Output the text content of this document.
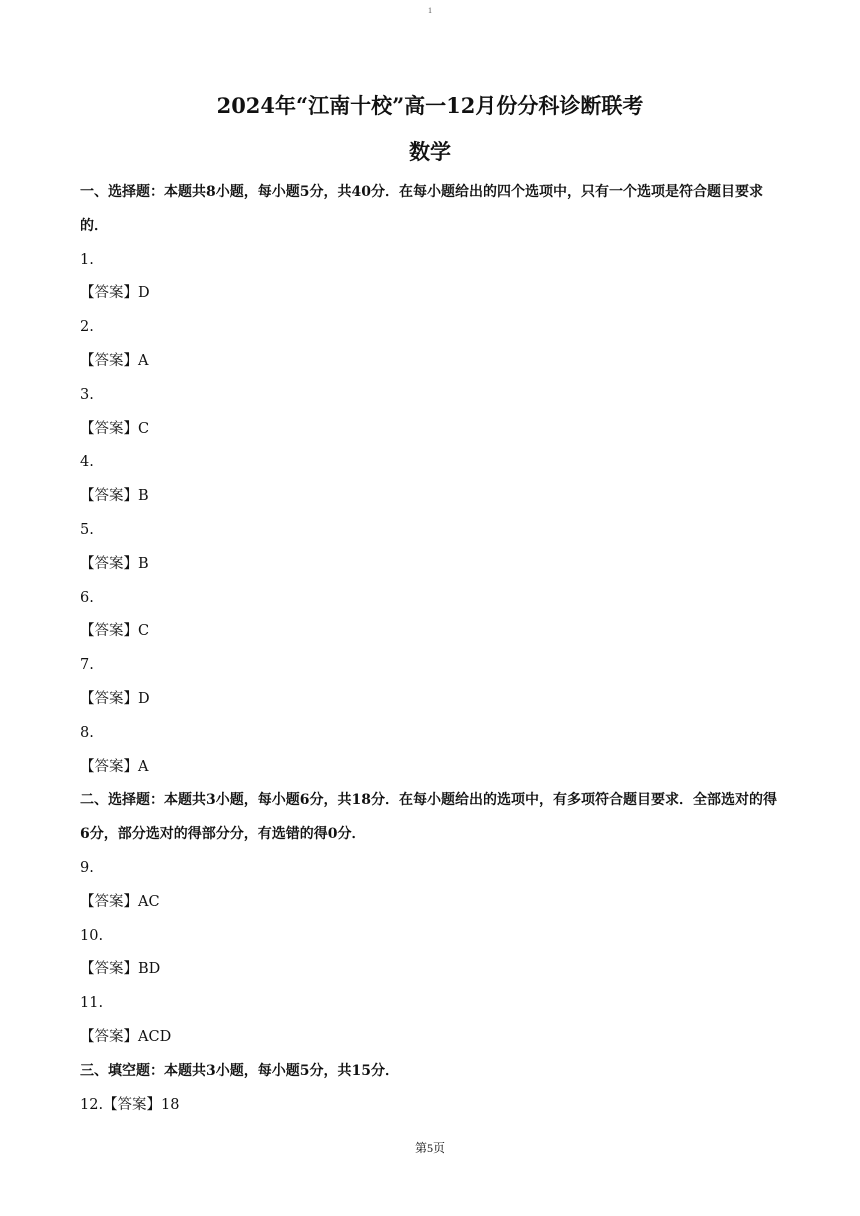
1
2024年“江南十校”高一12月份分科诊断联考
数学
一、选择题：本题共8小题，每小题5分，共40分．在每小题给出的四个选项中，只有一个选项是符合题目要求的．
1.
【答案】D
2.
【答案】A
3.
【答案】C
4.
【答案】B
5.
【答案】B
6.
【答案】C
7.
【答案】D
8.
【答案】A
二、选择题：本题共3小题，每小题6分，共18分．在每小题给出的选项中，有多项符合题目要求．全部选对的得6分，部分选对的得部分分，有选错的得0分．
9.
【答案】AC
10.
【答案】BD
11.
【答案】ACD
三、填空题：本题共3小题，每小题5分，共15分．
12.【答案】18
第5页
